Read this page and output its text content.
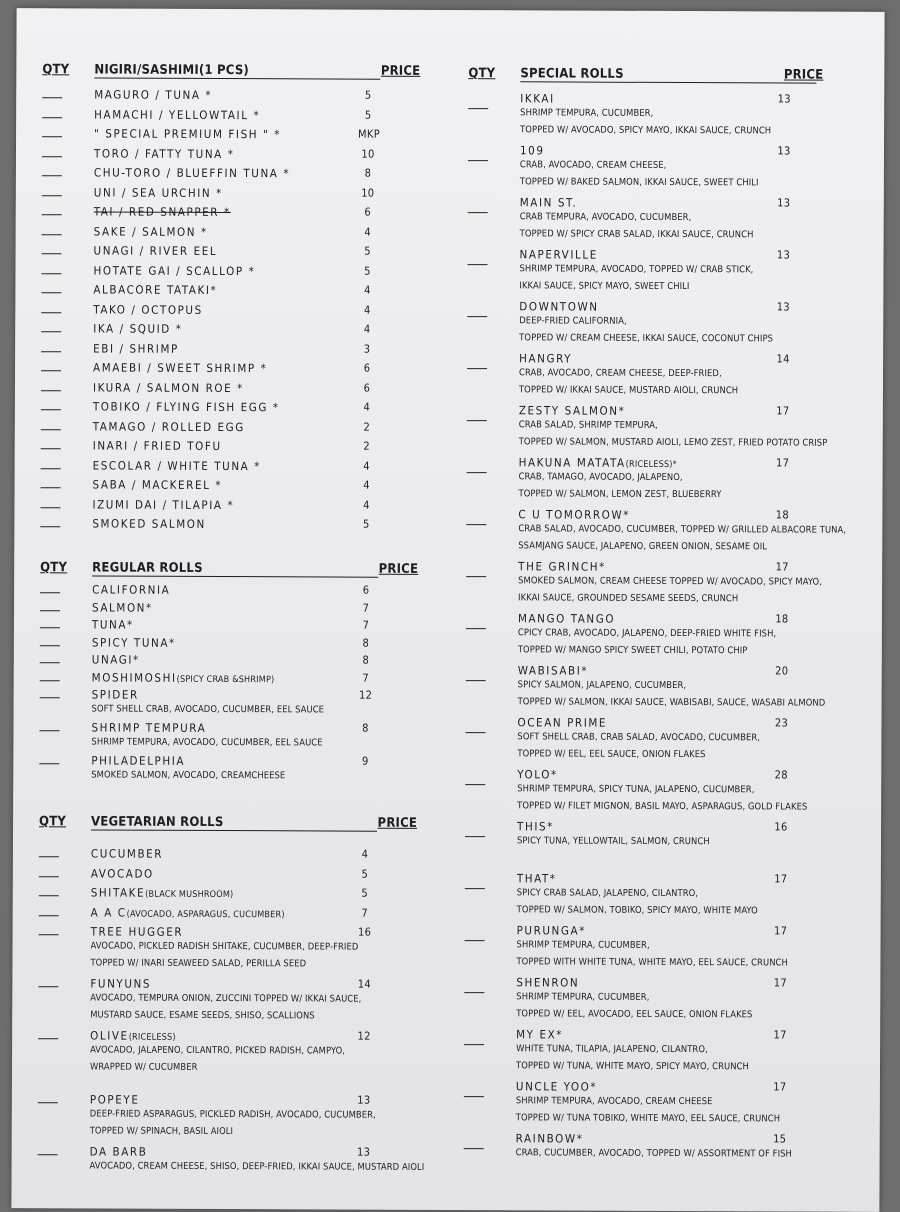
QTY NIGIRI/SASHIMI(1 PCS)	PRICE
MAGURO / TUNA *	5
HAMACHI / YELLOWTAIL *	5
" SPECIAL PREMIUM FISH " *	MKP
TORO / FATTY TUNA *	10
CHU-TORO / BLUEFFIN TUNA *	8
UNI / SEA URCHIN *	10
TAI / RED SNAPPER *	6
SAKE / SALMON *	4
UNAGI / RIVER EEL	5
HOTATE GAI / SCALLOP *	5
ALBACORE TATAKI*	4
TAKO / OCTOPUS	4
IKA / SQUID *	4
EBI / SHRIMP	3
AMAEBI / SWEET SHRIMP *	6
IKURA / SALMON ROE *	6
TOBIKO / FLYING FISH EGG *	4
TAMAGO / ROLLED EGG	2
INARI / FRIED TOFU	2
ESCOLAR / WHITE TUNA *	4
SABA / MACKEREL *	4
IZUMI DAI / TILAPIA *	4
SMOKED SALMON	5
QTY REGULAR ROLLS	PRICE
CALIFORNIA	6
SALMON*	7
TUNA*	7
SPICY TUNA*	8
UNAGI*	8
MOSHIMOSHI(SPICY CRAB &SHRIMP)	7
SPIDER	12
SOFT SHELL CRAB, AVOCADO, CUCUMBER, EEL SAUCE
SHRIMP TEMPURA	8
SHRIMP TEMPURA, AVOCADO, CUCUMBER, EEL SAUCE
PHILADELPHIA	9
SMOKED SALMON, AVOCADO, CREAMCHEESE
QTY VEGETARIAN ROLLS	PRICE
CUCUMBER	4
AVOCADO	5
SHITAKE(BLACK MUSHROOM)	5
A A C(AVOCADO, ASPARAGUS, CUCUMBER)	7
TREE HUGGER	16
AVOCADO, PICKLED RADISH SHITAKE, CUCUMBER, DEEP-FRIED
TOPPED W/ INARI SEAWEED SALAD, PERILLA SEED
FUNYUNS	14
AVOCADO, TEMPURA ONION, ZUCCINI TOPPED W/ IKKAI SAUCE,
MUSTARD SAUCE, ESAME SEEDS, SHISO, SCALLIONS
OLIVE(RICELESS)	12
AVOCADO, JALAPENO, CILANTRO, PICKED RADISH, CAMPYO,
WRAPPED W/ CUCUMBER
POPEYE	13
DEEP-FRIED ASPARAGUS, PICKLED RADISH, AVOCADO, CUCUMBER,
TOPPED W/ SPINACH, BASIL AIOLI
DA BARB	13
AVOCADO, CREAM CHEESE, SHISO, DEEP-FRIED, IKKAI SAUCE, MUSTARD AIOLI
QTY SPECIAL ROLLS	PRICE
IKKAI	13
SHRIMP TEMPURA, CUCUMBER,
TOPPED W/ AVOCADO, SPICY MAYO, IKKAI SAUCE, CRUNCH
109	13
CRAB, AVOCADO, CREAM CHEESE,
TOPPED W/ BAKED SALMON, IKKAI SAUCE, SWEET CHILI
MAIN ST.	13
CRAB TEMPURA, AVOCADO, CUCUMBER,
TOPPED W/ SPICY CRAB SALAD, IKKAI SAUCE, CRUNCH
NAPERVILLE	13
SHRIMP TEMPURA, AVOCADO, TOPPED W/ CRAB STICK,
IKKAI SAUCE, SPICY MAYO, SWEET CHILI
DOWNTOWN	13
DEEP-FRIED CALIFORNIA,
TOPPED W/ CREAM CHEESE, IKKAI SAUCE, COCONUT CHIPS
HANGRY	14
CRAB, AVOCADO, CREAM CHEESE, DEEP-FRIED,
TOPPED W/ IKKAI SAUCE, MUSTARD AIOLI, CRUNCH
ZESTY SALMON*	17
CRAB SALAD, SHRIMP TEMPURA,
TOPPED W/ SALMON, MUSTARD AIOLI, LEMO ZEST, FRIED POTATO CRISP
HAKUNA MATATA(RICELESS)*	17
CRAB, TAMAGO, AVOCADO, JALAPENO,
TOPPED W/ SALMON, LEMON ZEST, BLUEBERRY
C U TOMORROW*	18
CRAB SALAD, AVOCADO, CUCUMBER, TOPPED W/ GRILLED ALBACORE TUNA,
SSAMJANG SAUCE, JALAPENO, GREEN ONION, SESAME OIL
THE GRINCH*	17
SMOKED SALMON, CREAM CHEESE TOPPED W/ AVOCADO, SPICY MAYO,
IKKAI SAUCE, GROUNDED SESAME SEEDS, CRUNCH
MANGO TANGO	18
CPICY CRAB, AVOCADO, JALAPENO, DEEP-FRIED WHITE FISH,
TOPPED W/ MANGO SPICY SWEET CHILI, POTATO CHIP
WABISABI*	20
SPICY SALMON, JALAPENO, CUCUMBER,
TOPPED W/ SALMON, IKKAI SAUCE, WABISABI, SAUCE, WASABI ALMOND
OCEAN PRIME	23
SOFT SHELL CRAB, CRAB SALAD, AVOCADO, CUCUMBER,
TOPPED W/ EEL, EEL SAUCE, ONION FLAKES
YOLO*	28
SHRIMP TEMPURA, SPICY TUNA, JALAPENO, CUCUMBER,
TOPPED W/ FILET MIGNON, BASIL MAYO, ASPARAGUS, GOLD FLAKES
THIS*	16
SPICY TUNA, YELLOWTAIL, SALMON, CRUNCH
THAT*	17
SPICY CRAB SALAD, JALAPENO, CILANTRO,
TOPPED W/ SALMON, TOBIKO, SPICY MAYO, WHITE MAYO
PURUNGA*	17
SHRIMP TEMPURA, CUCUMBER,
TOPPED WITH WHITE TUNA, WHITE MAYO, EEL SAUCE, CRUNCH
SHENRON	17
SHRIMP TEMPURA, CUCUMBER,
TOPPED W/ EEL, AVOCADO, EEL SAUCE, ONION FLAKES
MY EX*	17
WHITE TUNA, TILAPIA, JALAPENO, CILANTRO,
TOPPED W/ TUNA, WHITE MAYO, SPICY MAYO, CRUNCH
UNCLE YOO*	17
SHRIMP TEMPURA, AVOCADO, CREAM CHEESE
TOPPED W/ TUNA TOBIKO, WHITE MAYO, EEL SAUCE, CRUNCH
RAINBOW*	15
CRAB, CUCUMBER, AVOCADO, TOPPED W/ ASSORTMENT OF FISH
